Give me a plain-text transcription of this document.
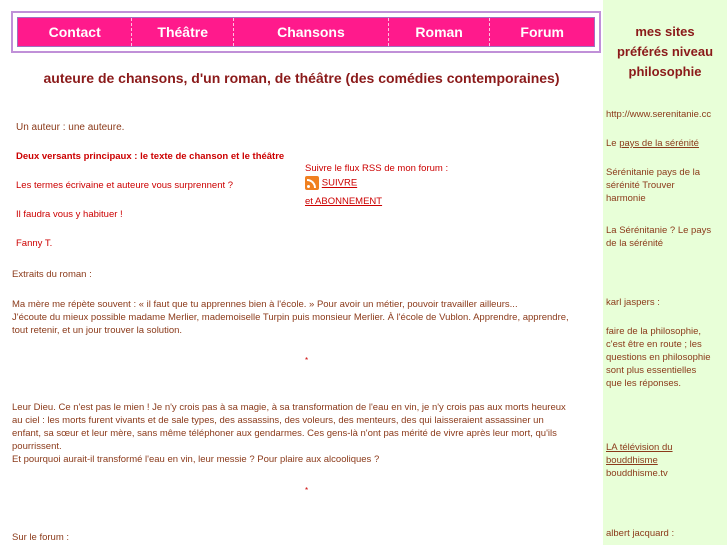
Contact	Théâtre	Chansons	Roman	Forum
auteure de chansons, d'un roman, de théâtre (des comédies contemporaines)
Un auteur : une auteure.
Deux versants principaux : le texte de chanson et le théâtre
Les termes écrivaine et auteure vous surprennent ?
Il faudra vous y habituer !
Fanny T.
Suivre le flux RSS de mon forum :
SUIVRE
et ABONNEMENT
Extraits du roman :
Ma mère me répète souvent : « il faut que tu apprennes bien à l'école. » Pour avoir un métier, pouvoir travailler ailleurs...
J'écoute du mieux possible madame Merlier, mademoiselle Turpin puis monsieur Merlier. À l'école de Vublon. Apprendre, apprendre,
tout retenir, et un jour trouver la solution.
*
Leur Dieu. Ce n'est pas le mien ! Je n'y crois pas à sa magie, à sa transformation de l'eau en vin, je n'y crois pas aux morts heureux
au ciel : les morts furent vivants et de sale types, des assassins, des voleurs, des menteurs, des qui laisseraient assassiner un
enfant, sa sœur et leur mère, sans même téléphoner aux gendarmes. Ces gens-là n'ont pas mérité de vivre après leur mort, qu'ils
pourrissent.
Et pourquoi aurait-il transformé l'eau en vin, leur messie ? Pour plaire aux alcooliques ?
*
Sur le forum :
mes sites
préférés niveau
philosophie
http://www.serenitanie.cc
Le pays de la sérénité
Sérénitanie pays de la
sérénité Trouver
harmonie
La Sérénitanie ? Le pays
de la sérénité
karl jaspers :
faire de la philosophie,
c'est être en route ; les
questions en philosophie
sont plus essentielles
que les réponses.
LA télévision du
bouddhisme
bouddhisme.tv
albert jacquard :
